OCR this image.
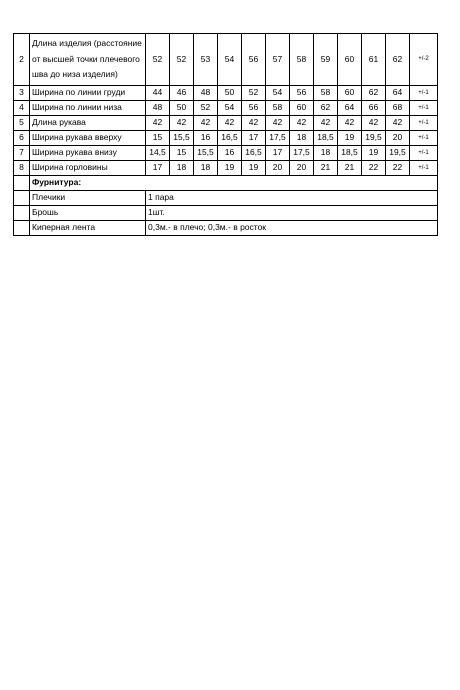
2	Длина изделия (расстояние от высшей точки плечевого шва до низа изделия)	52	52	53	54	56	57	58	59	60	61	62	+/-2
3	Ширина по линии груди	44	46	48	50	52	54	56	58	60	62	64	+/-1
4	Ширина по линии низа	48	50	52	54	56	58	60	62	64	66	68	+/-1
5	Длина рукава	42	42	42	42	42	42	42	42	42	42	42	+/-1
6	Ширина рукава вверху	15	15,5	16	16,5	17	17,5	18	18,5	19	19,5	20	+/-1
7	Ширина рукава внизу	14,5	15	15,5	16	16,5	17	17,5	18	18,5	19	19,5	+/-1
8	Ширина горловины	17	18	18	19	19	20	20	21	21	22	22	+/-1
	Фурнитура:												
	Плечики	1 пара											
	Брошь	1шт.											
	Киперная лента	0,3м.- в плечо; 0,3м.- в росток											
